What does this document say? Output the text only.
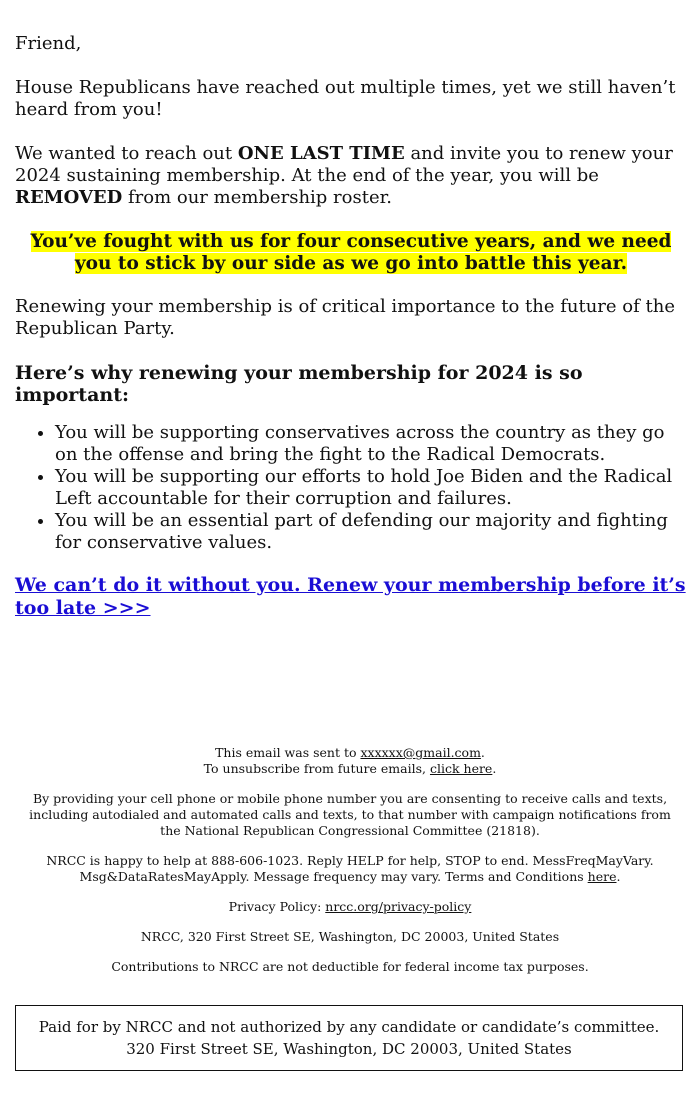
Friend,

House Republicans have reached out multiple times, yet we still haven’t heard from you!

We wanted to reach out ONE LAST TIME and invite you to renew your 2024 sustaining membership. At the end of the year, you will be REMOVED from our membership roster.

You’ve fought with us for four consecutive years, and we need you to stick by our side as we go into battle this year.

Renewing your membership is of critical importance to the future of the Republican Party.

Here’s why renewing your membership for 2024 is so important:

• You will be supporting conservatives across the country as they go on the offense and bring the fight to the Radical Democrats.
• You will be supporting our efforts to hold Joe Biden and the Radical Left accountable for their corruption and failures.
• You will be an essential part of defending our majority and fighting for conservative values.

We can’t do it without you. Renew your membership before it’s too late >>>

This email was sent to xxxxxx@gmail.com.

To unsubscribe from future emails, click here.

By providing your cell phone or mobile phone number you are consenting to receive calls and texts, including autodialed and automated calls and texts, to that number with campaign notifications from the National Republican Congressional Committee (21818).

NRCC is happy to help at 888-606-1023. Reply HELP for help, STOP to end. MessFreqMayVary. Msg&DataRatesMayApply. Message frequency may vary. Terms and Conditions here.

Privacy Policy: nrcc.org/privacy-policy

NRCC, 320 First Street SE, Washington, DC 20003, United States

Contributions to NRCC are not deductible for federal income tax purposes.

Paid for by NRCC and not authorized by any candidate or candidate’s committee. 320 First Street SE, Washington, DC 20003, United States
